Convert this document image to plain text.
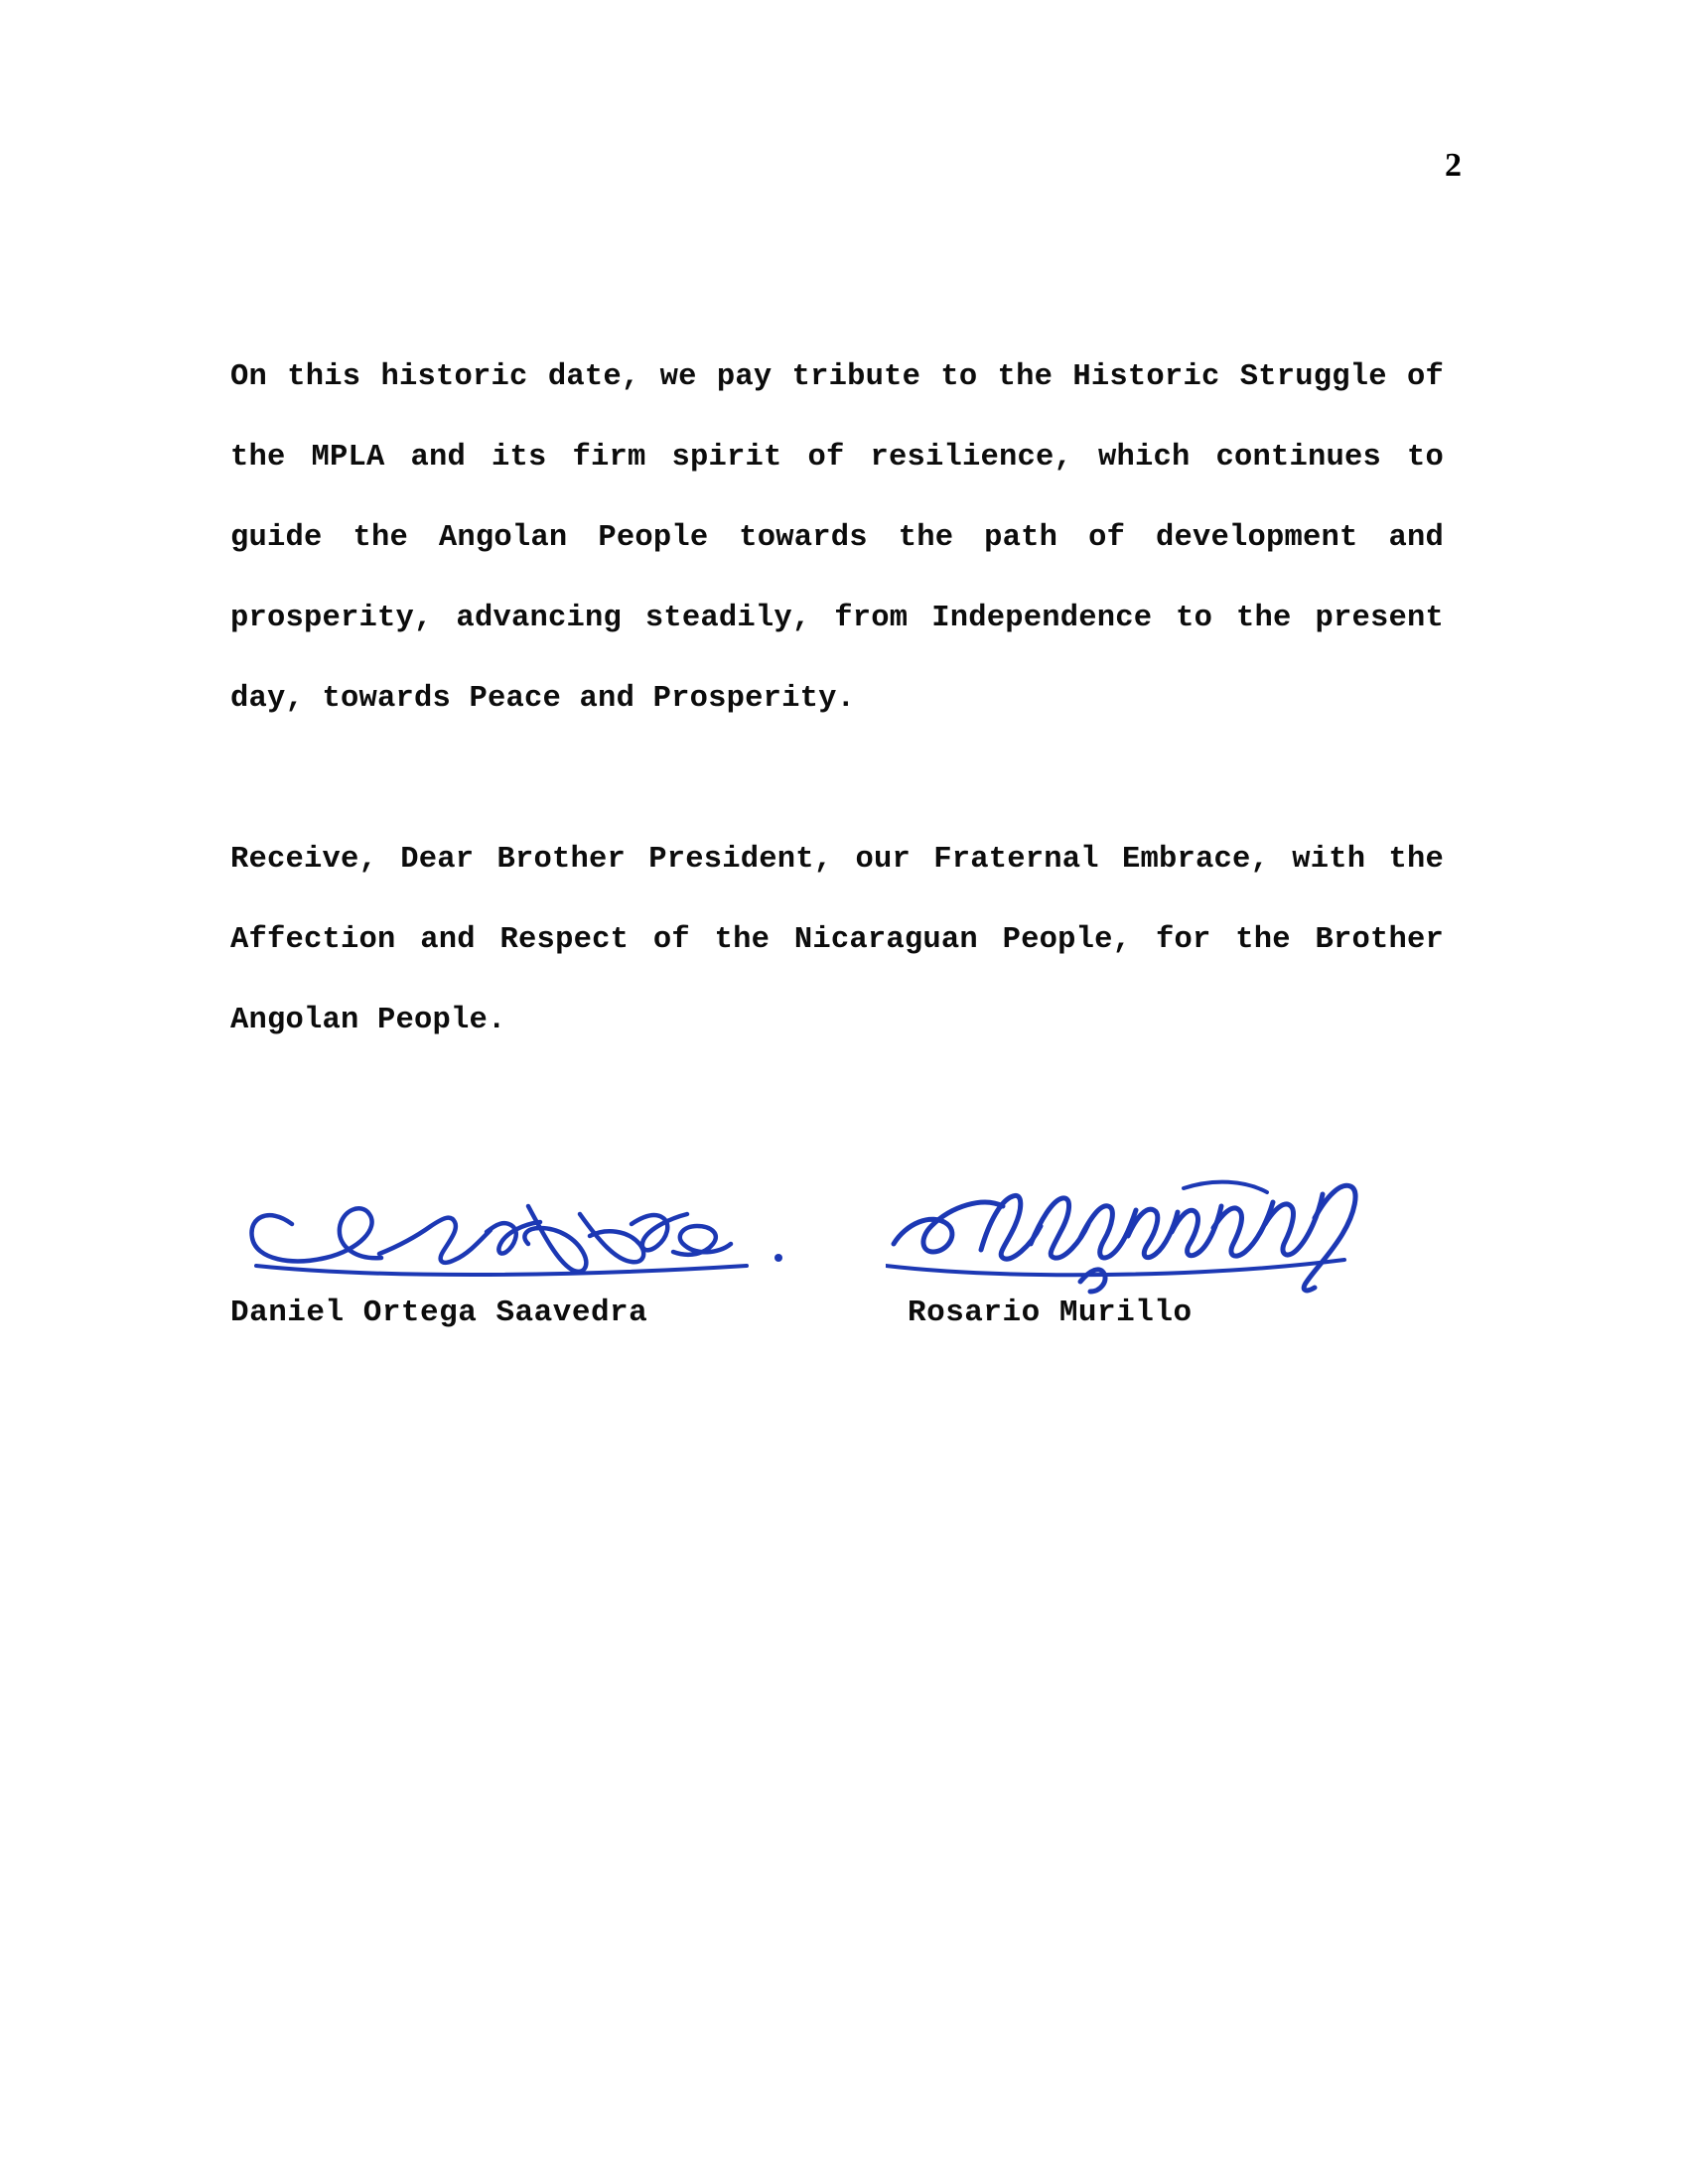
2

On this historic date, we pay tribute to the Historic Struggle of the MPLA and its firm spirit of resilience, which continues to guide the Angolan People towards the path of development and prosperity, advancing steadily, from Independence to the present day, towards Peace and Prosperity.

Receive, Dear Brother President, our Fraternal Embrace, with the Affection and Respect of the Nicaraguan People, for the Brother Angolan People.

Daniel Ortega Saavedra	Rosario Murillo
